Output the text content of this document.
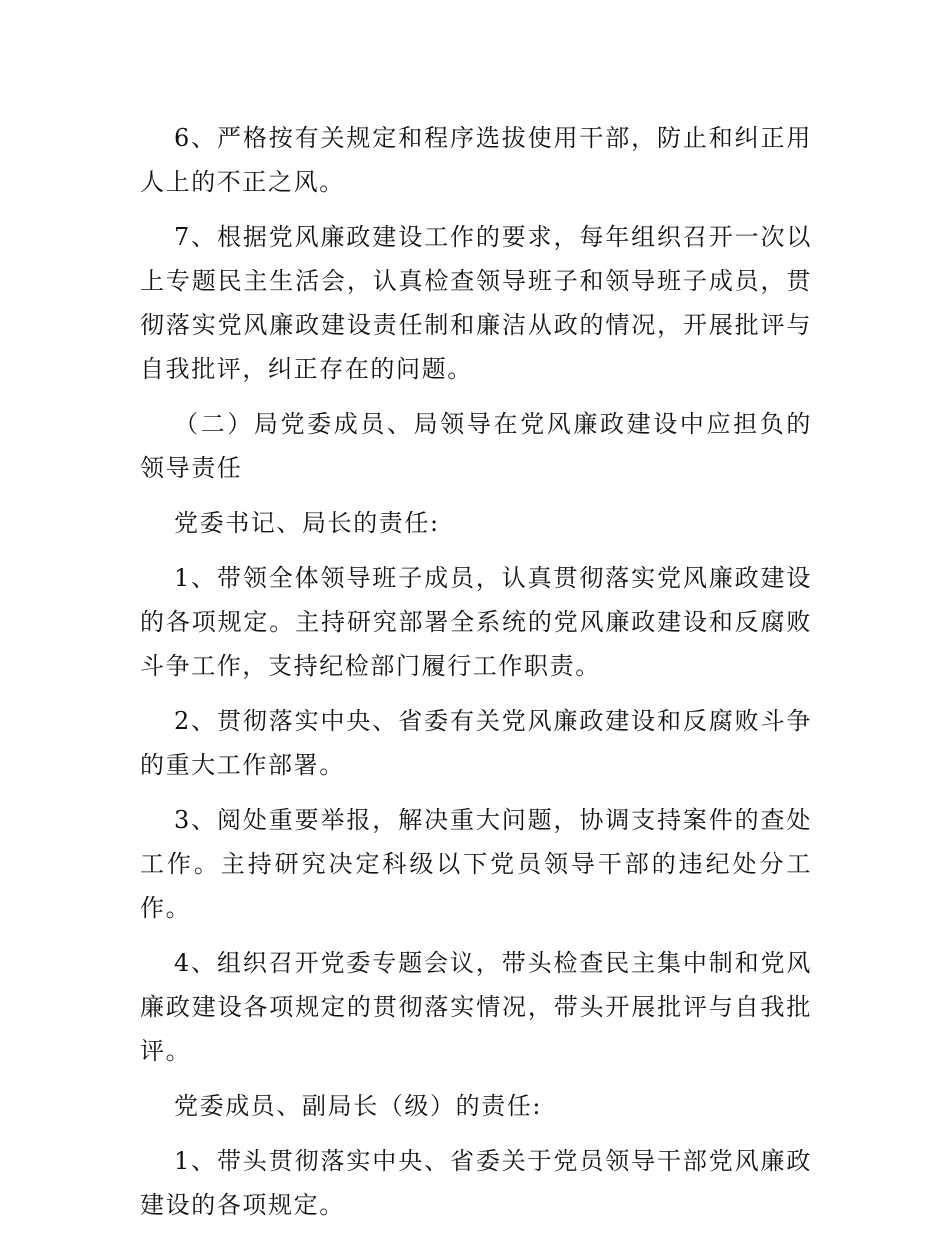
6、严格按有关规定和程序选拔使用干部，防止和纠正用人上的不正之风。

7、根据党风廉政建设工作的要求，每年组织召开一次以上专题民主生活会，认真检查领导班子和领导班子成员，贯彻落实党风廉政建设责任制和廉洁从政的情况，开展批评与自我批评，纠正存在的问题。

（二）局党委成员、局领导在党风廉政建设中应担负的领导责任

党委书记、局长的责任:

1、带领全体领导班子成员，认真贯彻落实党风廉政建设的各项规定。主持研究部署全系统的党风廉政建设和反腐败斗争工作，支持纪检部门履行工作职责。

2、贯彻落实中央、省委有关党风廉政建设和反腐败斗争的重大工作部署。

3、阅处重要举报，解决重大问题，协调支持案件的查处工作。主持研究决定科级以下党员领导干部的违纪处分工作。

4、组织召开党委专题会议，带头检查民主集中制和党风廉政建设各项规定的贯彻落实情况，带头开展批评与自我批评。

党委成员、副局长（级）的责任:

1、带头贯彻落实中央、省委关于党员领导干部党风廉政建设的各项规定。
